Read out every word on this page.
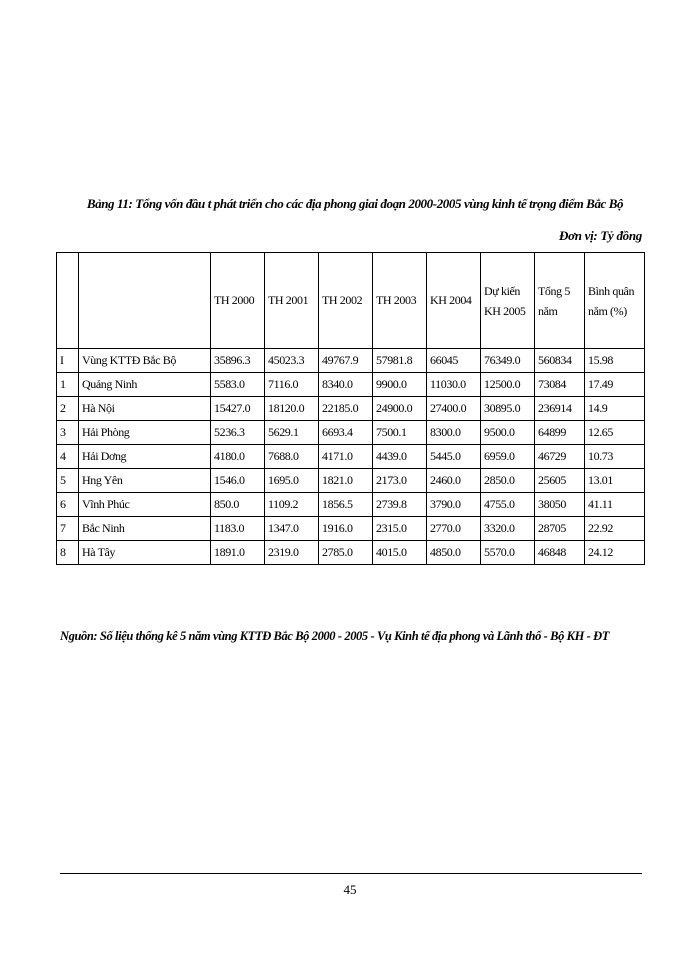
Bảng 11: Tổng vốn đầu t phát triển cho các địa phong giai đoạn 2000-2005 vùng kinh tế trọng điểm Bắc Bộ
Đơn vị: Tỷ đồng
		TH 2000	TH 2001	TH 2002	TH 2003	KH 2004	Dự kiến KH 2005	Tổng 5 năm	Bình quân năm (%)
I	Vùng KTTĐ Bắc Bộ	35896.3	45023.3	49767.9	57981.8	66045	76349.0	560834	15.98
1	Quảng Ninh	5583.0	7116.0	8340.0	9900.0	11030.0	12500.0	73084	17.49
2	Hà Nội	15427.0	18120.0	22185.0	24900.0	27400.0	30895.0	236914	14.9
3	Hải Phòng	5236.3	5629.1	6693.4	7500.1	8300.0	9500.0	64899	12.65
4	Hải Dơng	4180.0	7688.0	4171.0	4439.0	5445.0	6959.0	46729	10.73
5	Hng Yên	1546.0	1695.0	1821.0	2173.0	2460.0	2850.0	25605	13.01
6	Vĩnh Phúc	850.0	1109.2	1856.5	2739.8	3790.0	4755.0	38050	41.11
7	Bắc Ninh	1183.0	1347.0	1916.0	2315.0	2770.0	3320.0	28705	22.92
8	Hà Tây	1891.0	2319.0	2785.0	4015.0	4850.0	5570.0	46848	24.12
Nguồn: Số liệu thống kê 5 năm vùng KTTĐ Bắc Bộ 2000 - 2005 - Vụ Kinh tế địa phong và Lãnh thổ - Bộ KH - ĐT
45
